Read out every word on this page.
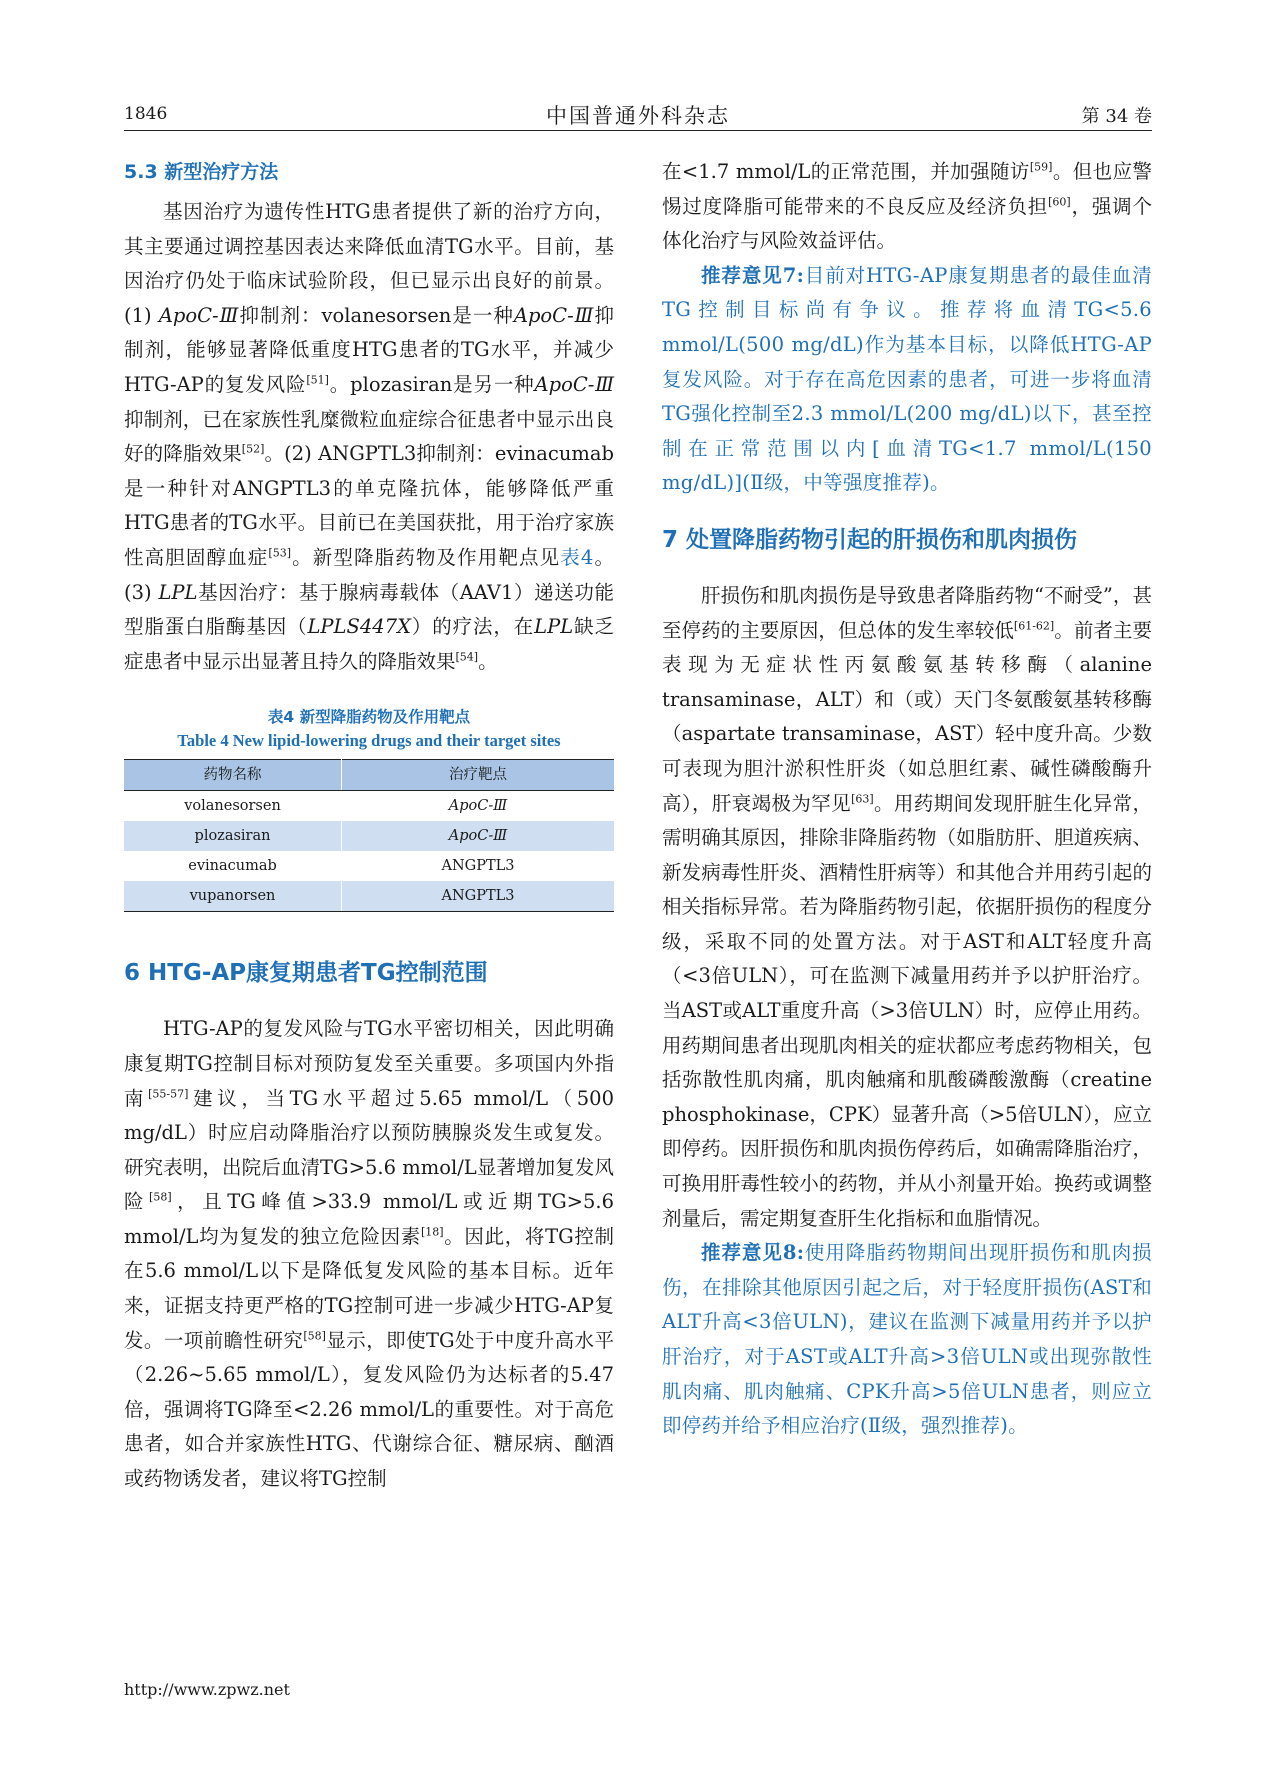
1846	中国普通外科杂志	第 34 卷
5.3 新型治疗方法

基因治疗为遗传性HTG患者提供了新的治疗方向，其主要通过调控基因表达来降低血清TG水平。目前，基因治疗仍处于临床试验阶段，但已显示出良好的前景。(1) ApoC-Ⅲ抑制剂：volanesorsen是一种ApoC-Ⅲ抑制剂，能够显著降低重度HTG患者的TG水平，并减少HTG-AP的复发风险[51]。plozasiran是另一种ApoC-Ⅲ抑制剂，已在家族性乳糜微粒血症综合征患者中显示出良好的降脂效果[52]。(2) ANGPTL3抑制剂：evinacumab是一种针对ANGPTL3的单克隆抗体，能够降低严重HTG患者的TG水平。目前已在美国获批，用于治疗家族性高胆固醇血症[53]。新型降脂药物及作用靶点见表4。(3) LPL基因治疗：基于腺病毒载体（AAV1）递送功能型脂蛋白脂酶基因（LPLS447X）的疗法，在LPL缺乏症患者中显示出显著且持久的降脂效果[54]。

表4 新型降脂药物及作用靶点
Table 4 New lipid-lowering drugs and their target sites
药物名称	治疗靶点
volanesorsen	ApoC-Ⅲ
plozasiran	ApoC-Ⅲ
evinacumab	ANGPTL3
vupanorsen	ANGPTL3
6 HTG-AP康复期患者TG控制范围

HTG-AP的复发风险与TG水平密切相关，因此明确康复期TG控制目标对预防复发至关重要。多项国内外指南[55-57]建议，当TG水平超过5.65 mmol/L（500 mg/dL）时应启动降脂治疗以预防胰腺炎发生或复发。研究表明，出院后血清TG>5.6 mmol/L显著增加复发风险[58]，且TG峰值>33.9 mmol/L或近期TG>5.6 mmol/L均为复发的独立危险因素[18]。因此，将TG控制在5.6 mmol/L以下是降低复发风险的基本目标。近年来，证据支持更严格的TG控制可进一步减少HTG-AP复发。一项前瞻性研究[58]显示，即使TG处于中度升高水平（2.26~5.65 mmol/L），复发风险仍为达标者的5.47倍，强调将TG降至<2.26 mmol/L的重要性。对于高危患者，如合并家族性HTG、代谢综合征、糖尿病、酗酒或药物诱发者，建议将TG控制

在<1.7 mmol/L的正常范围，并加强随访[59]。但也应警惕过度降脂可能带来的不良反应及经济负担[60]，强调个体化治疗与风险效益评估。

推荐意见7:目前对HTG-AP康复期患者的最佳血清TG控制目标尚有争议。推荐将血清TG<5.6 mmol/L(500 mg/dL)作为基本目标，以降低HTG-AP复发风险。对于存在高危因素的患者，可进一步将血清TG强化控制至2.3 mmol/L(200 mg/dL)以下，甚至控制在正常范围以内[血清TG<1.7 mmol/L(150 mg/dL)](Ⅱ级，中等强度推荐)。

7 处置降脂药物引起的肝损伤和肌肉损伤

肝损伤和肌肉损伤是导致患者降脂药物“不耐受”，甚至停药的主要原因，但总体的发生率较低[61-62]。前者主要表现为无症状性丙氨酸氨基转移酶（alanine transaminase，ALT）和（或）天门冬氨酸氨基转移酶（aspartate transaminase，AST）轻中度升高。少数可表现为胆汁淤积性肝炎（如总胆红素、碱性磷酸酶升高），肝衰竭极为罕见[63]。用药期间发现肝脏生化异常，需明确其原因，排除非降脂药物（如脂肪肝、胆道疾病、新发病毒性肝炎、酒精性肝病等）和其他合并用药引起的相关指标异常。若为降脂药物引起，依据肝损伤的程度分级，采取不同的处置方法。对于AST和ALT轻度升高（<3倍ULN），可在监测下减量用药并予以护肝治疗。当AST或ALT重度升高（>3倍ULN）时，应停止用药。用药期间患者出现肌肉相关的症状都应考虑药物相关，包括弥散性肌肉痛，肌肉触痛和肌酸磷酸激酶（creatine phosphokinase，CPK）显著升高（>5倍ULN），应立即停药。因肝损伤和肌肉损伤停药后，如确需降脂治疗，可换用肝毒性较小的药物，并从小剂量开始。换药或调整剂量后，需定期复查肝生化指标和血脂情况。

推荐意见8:使用降脂药物期间出现肝损伤和肌肉损伤，在排除其他原因引起之后，对于轻度肝损伤(AST和ALT升高<3倍ULN)，建议在监测下减量用药并予以护肝治疗，对于AST或ALT升高>3倍ULN或出现弥散性肌肉痛、肌肉触痛、CPK升高>5倍ULN患者，则应立即停药并给予相应治疗(Ⅱ级，强烈推荐)。

http://www.zpwz.net
